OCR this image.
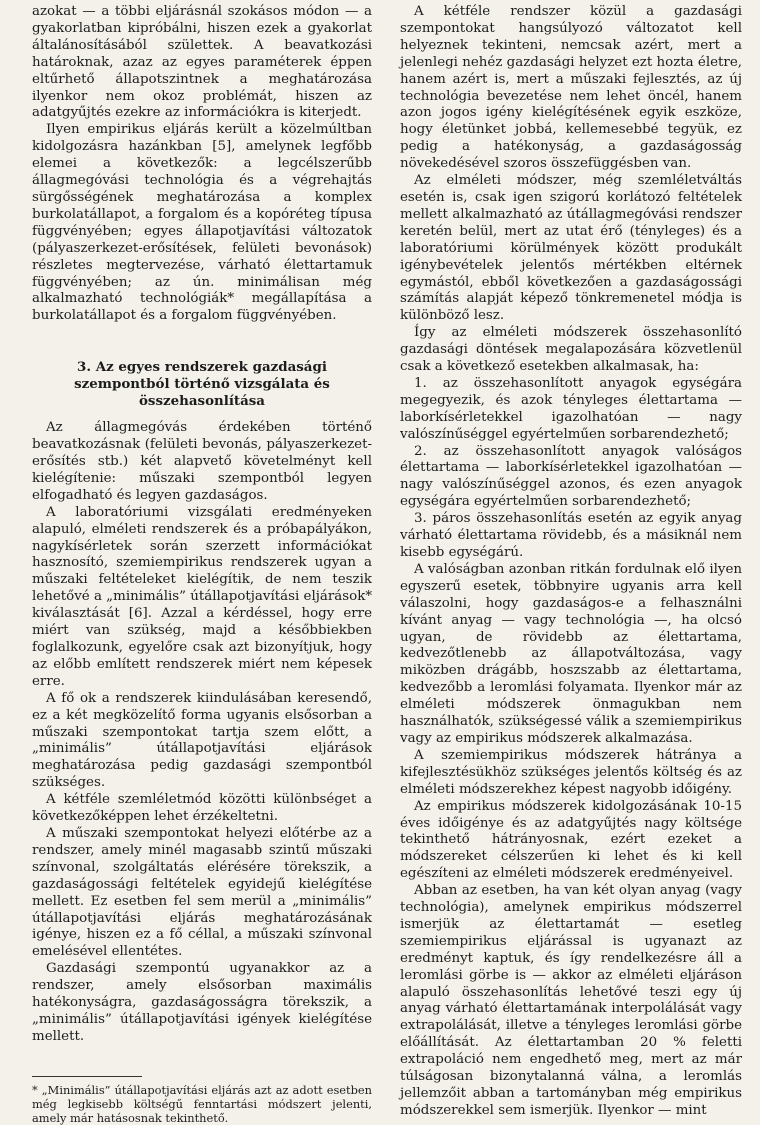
azokat — a többi eljárásnál szokásos módon — a gyakorlatban kipróbálni, hiszen ezek a gyakorlat általánosításából születtek. A beavatkozási határoknak, azaz az egyes paraméterek éppen eltűrhető állapotszintnek a meghatározása ilyenkor nem okoz problémát, hiszen az adatgyűjtés ezekre az információkra is kiterjedt.

Ilyen empirikus eljárás került a közelmúltban kidolgozásra hazánkban [5], amelynek legfőbb elemei a következők: a legcélszerűbb állagmegóvási technológia és a végrehajtás sürgősségének meghatározása a komplex burkolatállapot, a forgalom és a kopóréteg típusa függvényében; egyes állapotjavítási változatok (pályaszerkezet-erősítések, felületi bevonások) részletes megtervezése, várható élettartamuk függvényében; az ún. minimálisan még alkalmazható technológiák* megállapítása a burkolatállapot és a forgalom függvényében.

3. Az egyes rendszerek gazdasági szempontból történő vizsgálata és összehasonlítása

Az állagmegóvás érdekében történő beavatkozásnak (felületi bevonás, pályaszerkezet-erősítés stb.) két alapvető követelményt kell kielégítenie: műszaki szempontból legyen elfogadható és legyen gazdaságos.

A laboratóriumi vizsgálati eredményeken alapuló, elméleti rendszerek és a próbapályákon, nagykísérletek során szerzett információkat hasznosító, szemiempirikus rendszerek ugyan a műszaki feltételeket kielégítik, de nem teszik lehetővé a „minimális” útállapotjavítási eljárások* kiválasztását [6]. Azzal a kérdéssel, hogy erre miért van szükség, majd a későbbiekben foglalkozunk, egyelőre csak azt bizonyítjuk, hogy az előbb említett rendszerek miért nem képesek erre.

A fő ok a rendszerek kiindulásában keresendő, ez a két megközelítő forma ugyanis elsősorban a műszaki szempontokat tartja szem előtt, a „minimális” útállapotjavítási eljárások meghatározása pedig gazdasági szempontból szükséges.

A kétféle szemléletmód közötti különbséget a következőképpen lehet érzékeltetni.

A műszaki szempontokat helyezi előtérbe az a rendszer, amely minél magasabb szintű műszaki színvonal, szolgáltatás elérésére törekszik, a gazdaságossági feltételek egyidejű kielégítése mellett. Ez esetben fel sem merül a „minimális” útállapotjavítási eljárás meghatározásának igénye, hiszen ez a fő céllal, a műszaki színvonal emelésével ellentétes.

Gazdasági szempontú ugyanakkor az a rendszer, amely elsősorban maximális hatékonyságra, gazdaságosságra törekszik, a „minimális” útállapotjavítási igények kielégítése mellett.

* „Minimális” útállapotjavítási eljárás azt az adott esetben még legkisebb költségű fenntartási módszert jelenti, amely már hatásosnak tekinthető.

A kétféle rendszer közül a gazdasági szempontokat hangsúlyozó változatot kell helyeznek tekinteni, nemcsak azért, mert a jelenlegi nehéz gazdasági helyzet ezt hozta életre, hanem azért is, mert a műszaki fejlesztés, az új technológia bevezetése nem lehet öncél, hanem azon jogos igény kielégítésének egyik eszköze, hogy életünket jobbá, kellemesebbé tegyük, ez pedig a hatékonyság, a gazdaságosság növekedésével szoros összefüggésben van.

Az elméleti módszer, még szemléletváltás esetén is, csak igen szigorú korlátozó feltételek mellett alkalmazható az útállagmegóvási rendszer keretén belül, mert az utat érő (tényleges) és a laboratóriumi körülmények között produkált igénybevételek jelentős mértékben eltérnek egymástól, ebből következően a gazdaságossági számítás alapját képező tönkremenetel módja is különböző lesz.

Így az elméleti módszerek összehasonlító gazdasági döntések megalapozására közvetlenül csak a következő esetekben alkalmasak, ha:

1. az összehasonlított anyagok egységára megegyezik, és azok tényleges élettartama — laborkísérletekkel igazolhatóan — nagy valószínűséggel egyértelműen sorbarendezhető;

2. az összehasonlított anyagok valóságos élettartama — laborkísérletekkel igazolhatóan — nagy valószínűséggel azonos, és ezen anyagok egységára egyértelműen sorbarendezhető;

3. páros összehasonlítás esetén az egyik anyag várható élettartama rövidebb, és a másiknál nem kisebb egységárú.

A valóságban azonban ritkán fordulnak elő ilyen egyszerű esetek, többnyire ugyanis arra kell válaszolni, hogy gazdaságos-e a felhasználni kívánt anyag — vagy technológia —, ha olcsó ugyan, de rövidebb az élettartama, kedvezőtlenebb az állapotváltozása, vagy miközben drágább, hoszszabb az élettartama, kedvezőbb a leromlási folyamata. Ilyenkor már az elméleti módszerek önmagukban nem használhatók, szükségessé válik a szemiempirikus vagy az empirikus módszerek alkalmazása.

A szemiempirikus módszerek hátránya a kifejlesztésükhöz szükséges jelentős költség és az elméleti módszerekhez képest nagyobb időigény.

Az empirikus módszerek kidolgozásának 10-15 éves időigénye és az adatgyűjtés nagy költsége tekinthető hátrányosnak, ezért ezeket a módszereket célszerűen ki lehet és ki kell egészíteni az elméleti módszerek eredményeivel.

Abban az esetben, ha van két olyan anyag (vagy technológia), amelynek empirikus módszerrel ismerjük az élettartamát — esetleg szemiempirikus eljárással is ugyanazt az eredményt kaptuk, és így rendelkezésre áll a leromlási görbe is — akkor az elméleti eljáráson alapuló összehasonlítás lehetővé teszi egy új anyag várható élettartamának interpolálását vagy extrapolálását, illetve a tényleges leromlási görbe előállítását. Az élettartamban 20 % feletti extrapoláció nem engedhető meg, mert az már túlságosan bizonytalanná válna, a leromlás jellemzőit abban a tartományban még empirikus módszerekkel sem ismerjük. Ilyenkor — mint
